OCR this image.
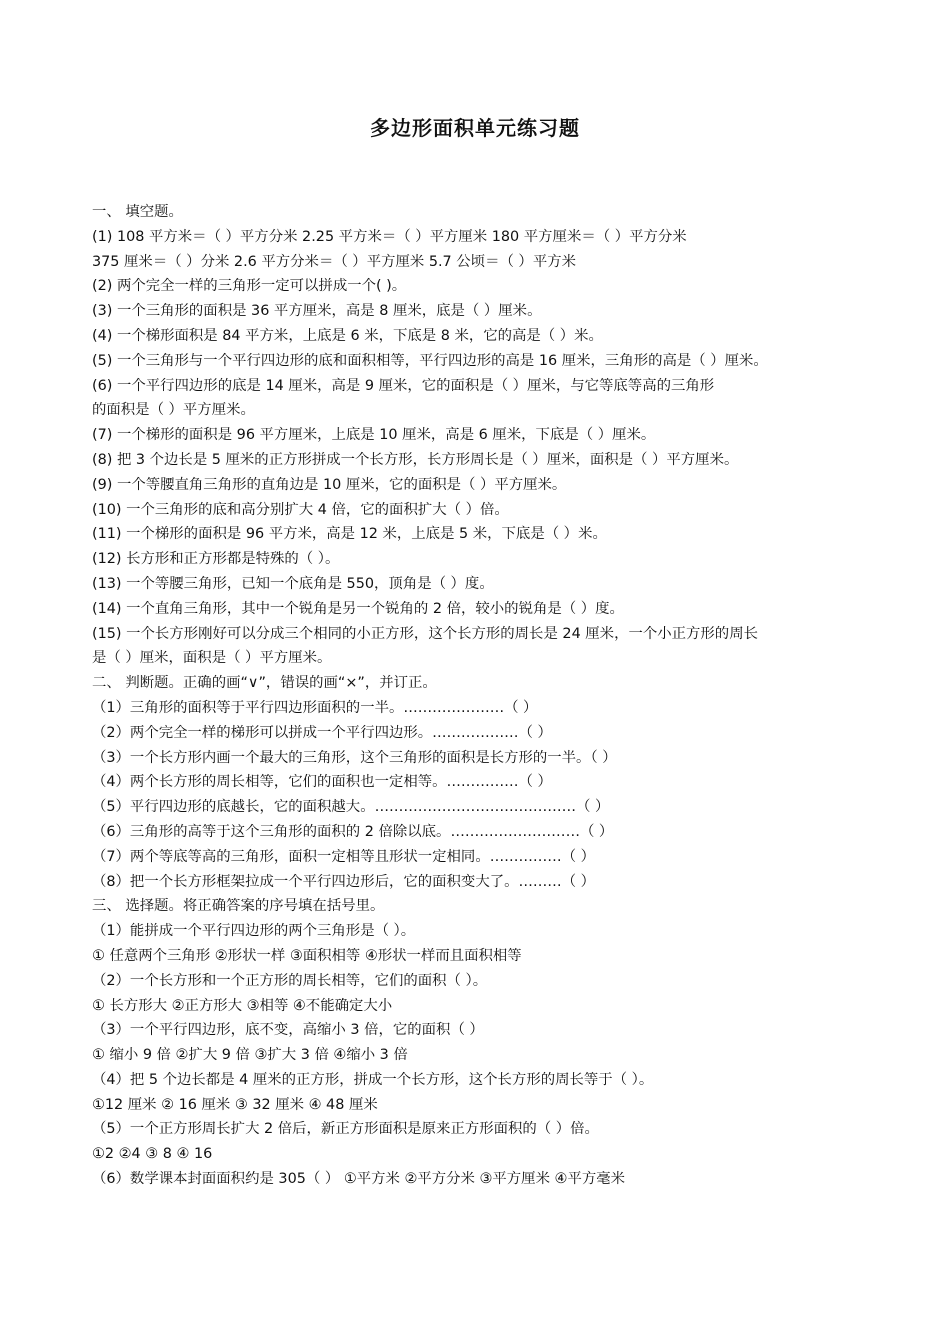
多边形面积单元练习题
一、 填空题。
(1) 108 平方米＝（ ）平方分米 2.25 平方米＝（ ）平方厘米 180 平方厘米＝（ ）平方分米
375 厘米＝（ ）分米 2.6 平方分米＝（ ）平方厘米 5.7 公顷＝（ ）平方米
(2) 两个完全一样的三角形一定可以拼成一个( )。
(3) 一个三角形的面积是 36 平方厘米，高是 8 厘米，底是（ ）厘米。
(4) 一个梯形面积是 84 平方米，上底是 6 米，下底是 8 米，它的高是（ ）米。
(5) 一个三角形与一个平行四边形的底和面积相等，平行四边形的高是 16 厘米，三角形的高是（ ）厘米。
(6) 一个平行四边形的底是 14 厘米，高是 9 厘米，它的面积是（ ）厘米，与它等底等高的三角形
的面积是（ ）平方厘米。
(7) 一个梯形的面积是 96 平方厘米，上底是 10 厘米，高是 6 厘米，下底是（ ）厘米。
(8) 把 3 个边长是 5 厘米的正方形拼成一个长方形，长方形周长是（ ）厘米，面积是（ ）平方厘米。
(9) 一个等腰直角三角形的直角边是 10 厘米，它的面积是（ ）平方厘米。
(10) 一个三角形的底和高分别扩大 4 倍，它的面积扩大（ ）倍。
(11) 一个梯形的面积是 96 平方米，高是 12 米，上底是 5 米，下底是（ ）米。
(12) 长方形和正方形都是特殊的（ ）。
(13) 一个等腰三角形，已知一个底角是 550，顶角是（ ）度。
(14) 一个直角三角形，其中一个锐角是另一个锐角的 2 倍，较小的锐角是（ ）度。
(15) 一个长方形刚好可以分成三个相同的小正方形，这个长方形的周长是 24 厘米，一个小正方形的周长
是（ ）厘米，面积是（ ）平方厘米。
二、 判断题。正确的画“∨”，错误的画“×”，并订正。
（1）三角形的面积等于平行四边形面积的一半。…………………（ ）
（2）两个完全一样的梯形可以拼成一个平行四边形。………………（ ）
（3）一个长方形内画一个最大的三角形，这个三角形的面积是长方形的一半。（ ）
（4）两个长方形的周长相等，它们的面积也一定相等。……………（ ）
（5）平行四边形的底越长，它的面积越大。……………………………………（ ）
（6）三角形的高等于这个三角形的面积的 2 倍除以底。………………………（ ）
（7）两个等底等高的三角形，面积一定相等且形状一定相同。……………（ ）
（8）把一个长方形框架拉成一个平行四边形后，它的面积变大了。………（ ）
三、 选择题。将正确答案的序号填在括号里。
（1）能拼成一个平行四边形的两个三角形是（ ）。
① 任意两个三角形 ②形状一样 ③面积相等 ④形状一样而且面积相等
（2）一个长方形和一个正方形的周长相等，它们的面积（ ）。
① 长方形大 ②正方形大 ③相等 ④不能确定大小
（3）一个平行四边形，底不变，高缩小 3 倍，它的面积（ ）
① 缩小 9 倍 ②扩大 9 倍 ③扩大 3 倍 ④缩小 3 倍
（4）把 5 个边长都是 4 厘米的正方形，拼成一个长方形，这个长方形的周长等于（ ）。
①12 厘米 ② 16 厘米 ③ 32 厘米 ④ 48 厘米
（5）一个正方形周长扩大 2 倍后，新正方形面积是原来正方形面积的（ ）倍。
①2 ②4 ③ 8 ④ 16
（6）数学课本封面面积约是 305（ ） ①平方米 ②平方分米 ③平方厘米 ④平方毫米
